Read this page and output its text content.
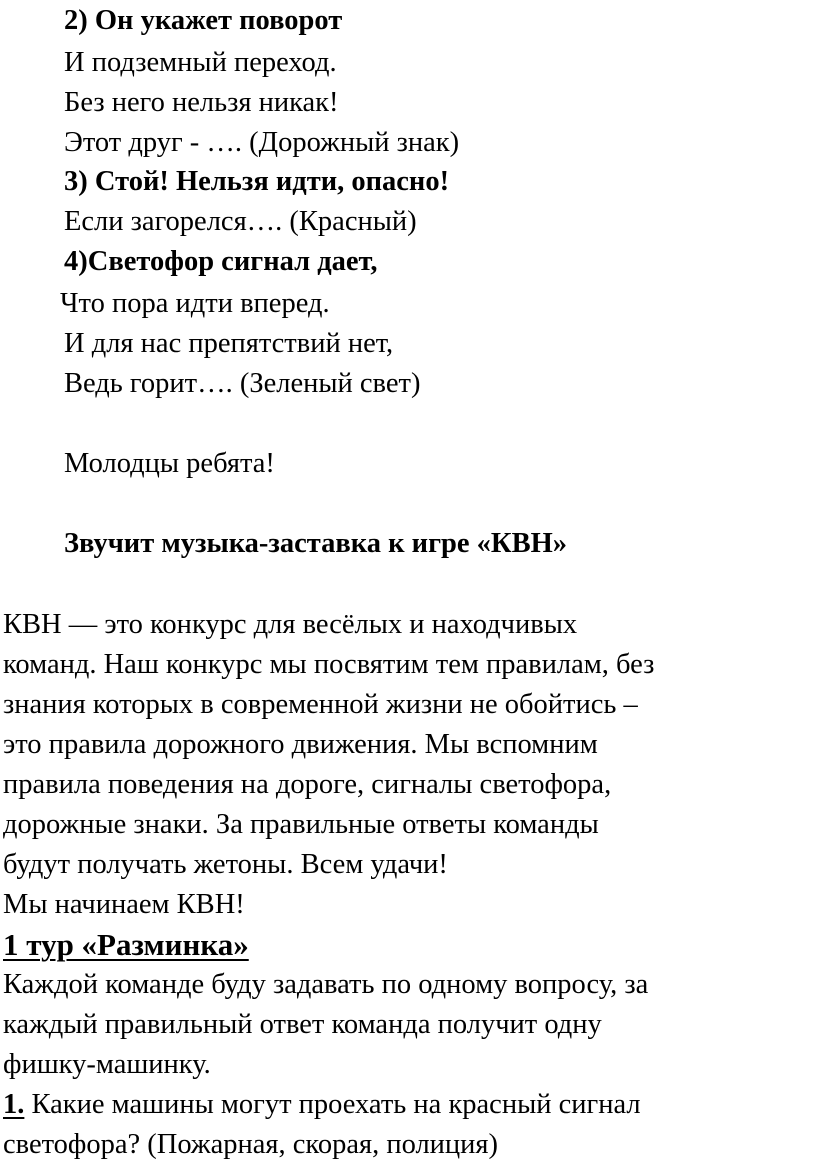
2) Он укажет поворот
И подземный переход.
Без него нельзя никак!
Этот друг - …. (Дорожный знак)
3) Стой! Нельзя идти, опасно!
Если загорелся…. (Красный)
4)Светофор сигнал дает,
Что пора идти вперед.
И для нас препятствий нет,
Ведь горит…. (Зеленый свет)
Молодцы ребята!
Звучит музыка-заставка к игре «КВН»
КВН — это конкурс для весёлых и находчивых
команд. Наш конкурс мы посвятим тем правилам, без
знания которых в современной жизни не обойтись –
это правила дорожного движения. Мы вспомним
правила поведения на дороге, сигналы светофора,
дорожные знаки. За правильные ответы команды
будут получать жетоны. Всем удачи!
Мы начинаем КВН!
1 тур «Разминка»
Каждой команде буду задавать по одному вопросу, за
каждый правильный ответ команда получит одну
фишку-машинку.
1. Какие машины могут проехать на красный сигнал
светофора? (Пожарная, скорая, полиция)
